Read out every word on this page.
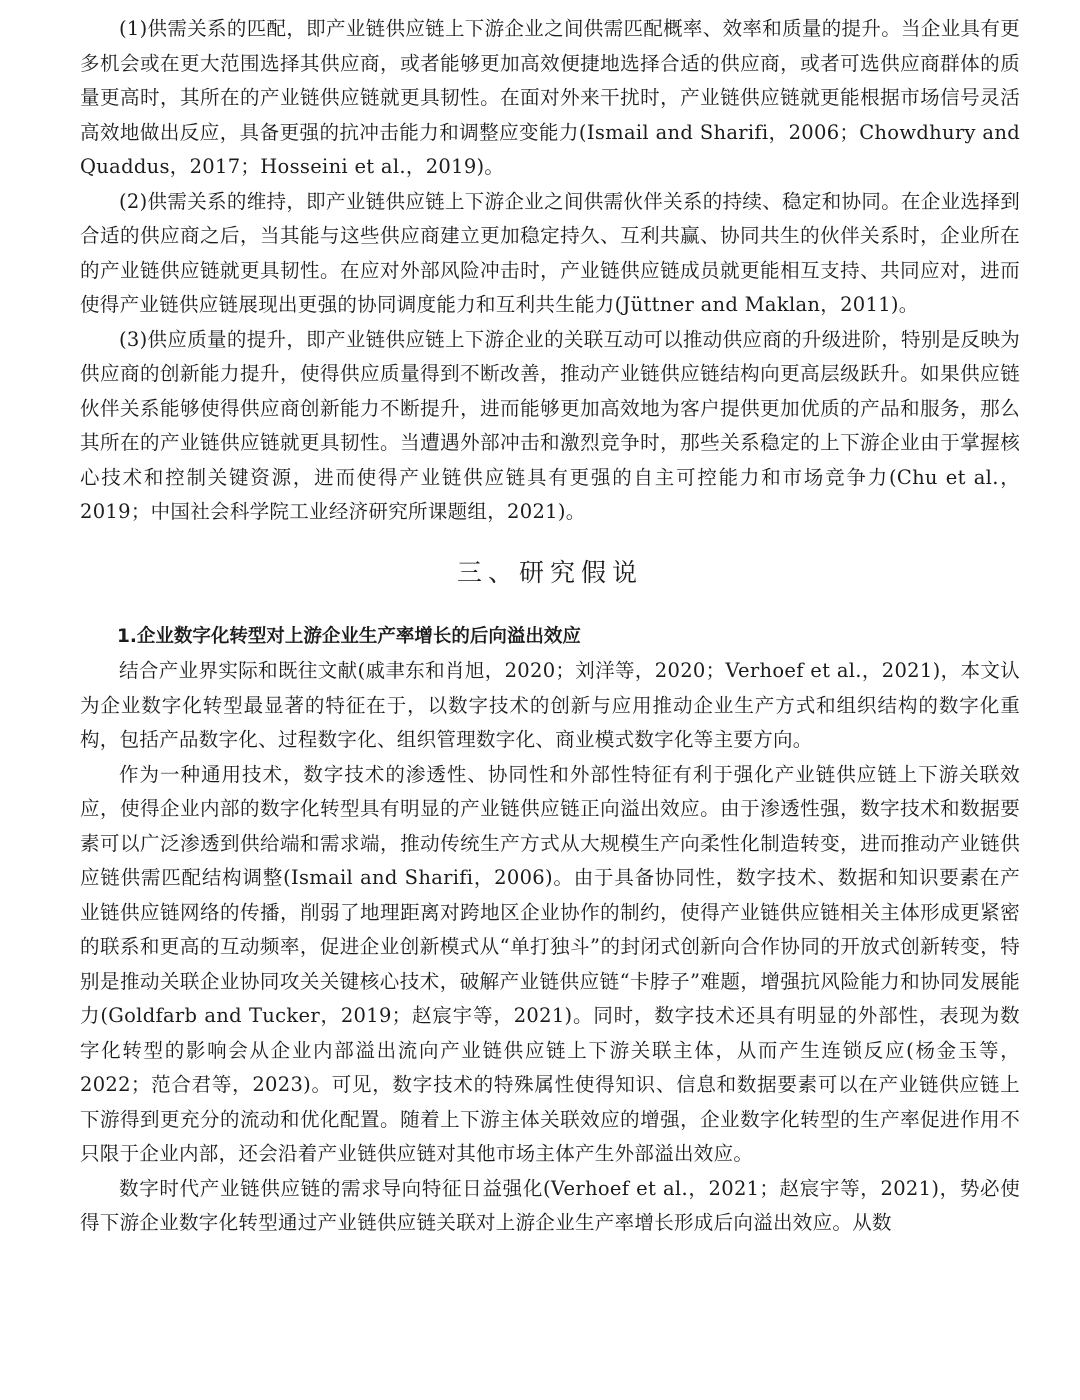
(1)供需关系的匹配，即产业链供应链上下游企业之间供需匹配概率、效率和质量的提升。当企业具有更多机会或在更大范围选择其供应商，或者能够更加高效便捷地选择合适的供应商，或者可选供应商群体的质量更高时，其所在的产业链供应链就更具韧性。在面对外来干扰时，产业链供应链就更能根据市场信号灵活高效地做出反应，具备更强的抗冲击能力和调整应变能力(Ismail and Sharifi，2006；Chowdhury and Quaddus，2017；Hosseini et al.，2019)。

(2)供需关系的维持，即产业链供应链上下游企业之间供需伙伴关系的持续、稳定和协同。在企业选择到合适的供应商之后，当其能与这些供应商建立更加稳定持久、互利共赢、协同共生的伙伴关系时，企业所在的产业链供应链就更具韧性。在应对外部风险冲击时，产业链供应链成员就更能相互支持、共同应对，进而使得产业链供应链展现出更强的协同调度能力和互利共生能力(Jüttner and Maklan，2011)。

(3)供应质量的提升，即产业链供应链上下游企业的关联互动可以推动供应商的升级进阶，特别是反映为供应商的创新能力提升，使得供应质量得到不断改善，推动产业链供应链结构向更高层级跃升。如果供应链伙伴关系能够使得供应商创新能力不断提升，进而能够更加高效地为客户提供更加优质的产品和服务，那么其所在的产业链供应链就更具韧性。当遭遇外部冲击和激烈竞争时，那些关系稳定的上下游企业由于掌握核心技术和控制关键资源，进而使得产业链供应链具有更强的自主可控能力和市场竞争力(Chu et al.，2019；中国社会科学院工业经济研究所课题组，2021)。

三、研究假说

1.企业数字化转型对上游企业生产率增长的后向溢出效应

结合产业界实际和既往文献(戚聿东和肖旭，2020；刘洋等，2020；Verhoef et al.，2021)，本文认为企业数字化转型最显著的特征在于，以数字技术的创新与应用推动企业生产方式和组织结构的数字化重构，包括产品数字化、过程数字化、组织管理数字化、商业模式数字化等主要方向。

作为一种通用技术，数字技术的渗透性、协同性和外部性特征有利于强化产业链供应链上下游关联效应，使得企业内部的数字化转型具有明显的产业链供应链正向溢出效应。由于渗透性强，数字技术和数据要素可以广泛渗透到供给端和需求端，推动传统生产方式从大规模生产向柔性化制造转变，进而推动产业链供应链供需匹配结构调整(Ismail and Sharifi，2006)。由于具备协同性，数字技术、数据和知识要素在产业链供应链网络的传播，削弱了地理距离对跨地区企业协作的制约，使得产业链供应链相关主体形成更紧密的联系和更高的互动频率，促进企业创新模式从“单打独斗”的封闭式创新向合作协同的开放式创新转变，特别是推动关联企业协同攻关关键核心技术，破解产业链供应链“卡脖子”难题，增强抗风险能力和协同发展能力(Goldfarb and Tucker，2019；赵宸宇等，2021)。同时，数字技术还具有明显的外部性，表现为数字化转型的影响会从企业内部溢出流向产业链供应链上下游关联主体，从而产生连锁反应(杨金玉等，2022；范合君等，2023)。可见，数字技术的特殊属性使得知识、信息和数据要素可以在产业链供应链上下游得到更充分的流动和优化配置。随着上下游主体关联效应的增强，企业数字化转型的生产率促进作用不只限于企业内部，还会沿着产业链供应链对其他市场主体产生外部溢出效应。

数字时代产业链供应链的需求导向特征日益强化(Verhoef et al.，2021；赵宸宇等，2021)，势必使得下游企业数字化转型通过产业链供应链关联对上游企业生产率增长形成后向溢出效应。从数
